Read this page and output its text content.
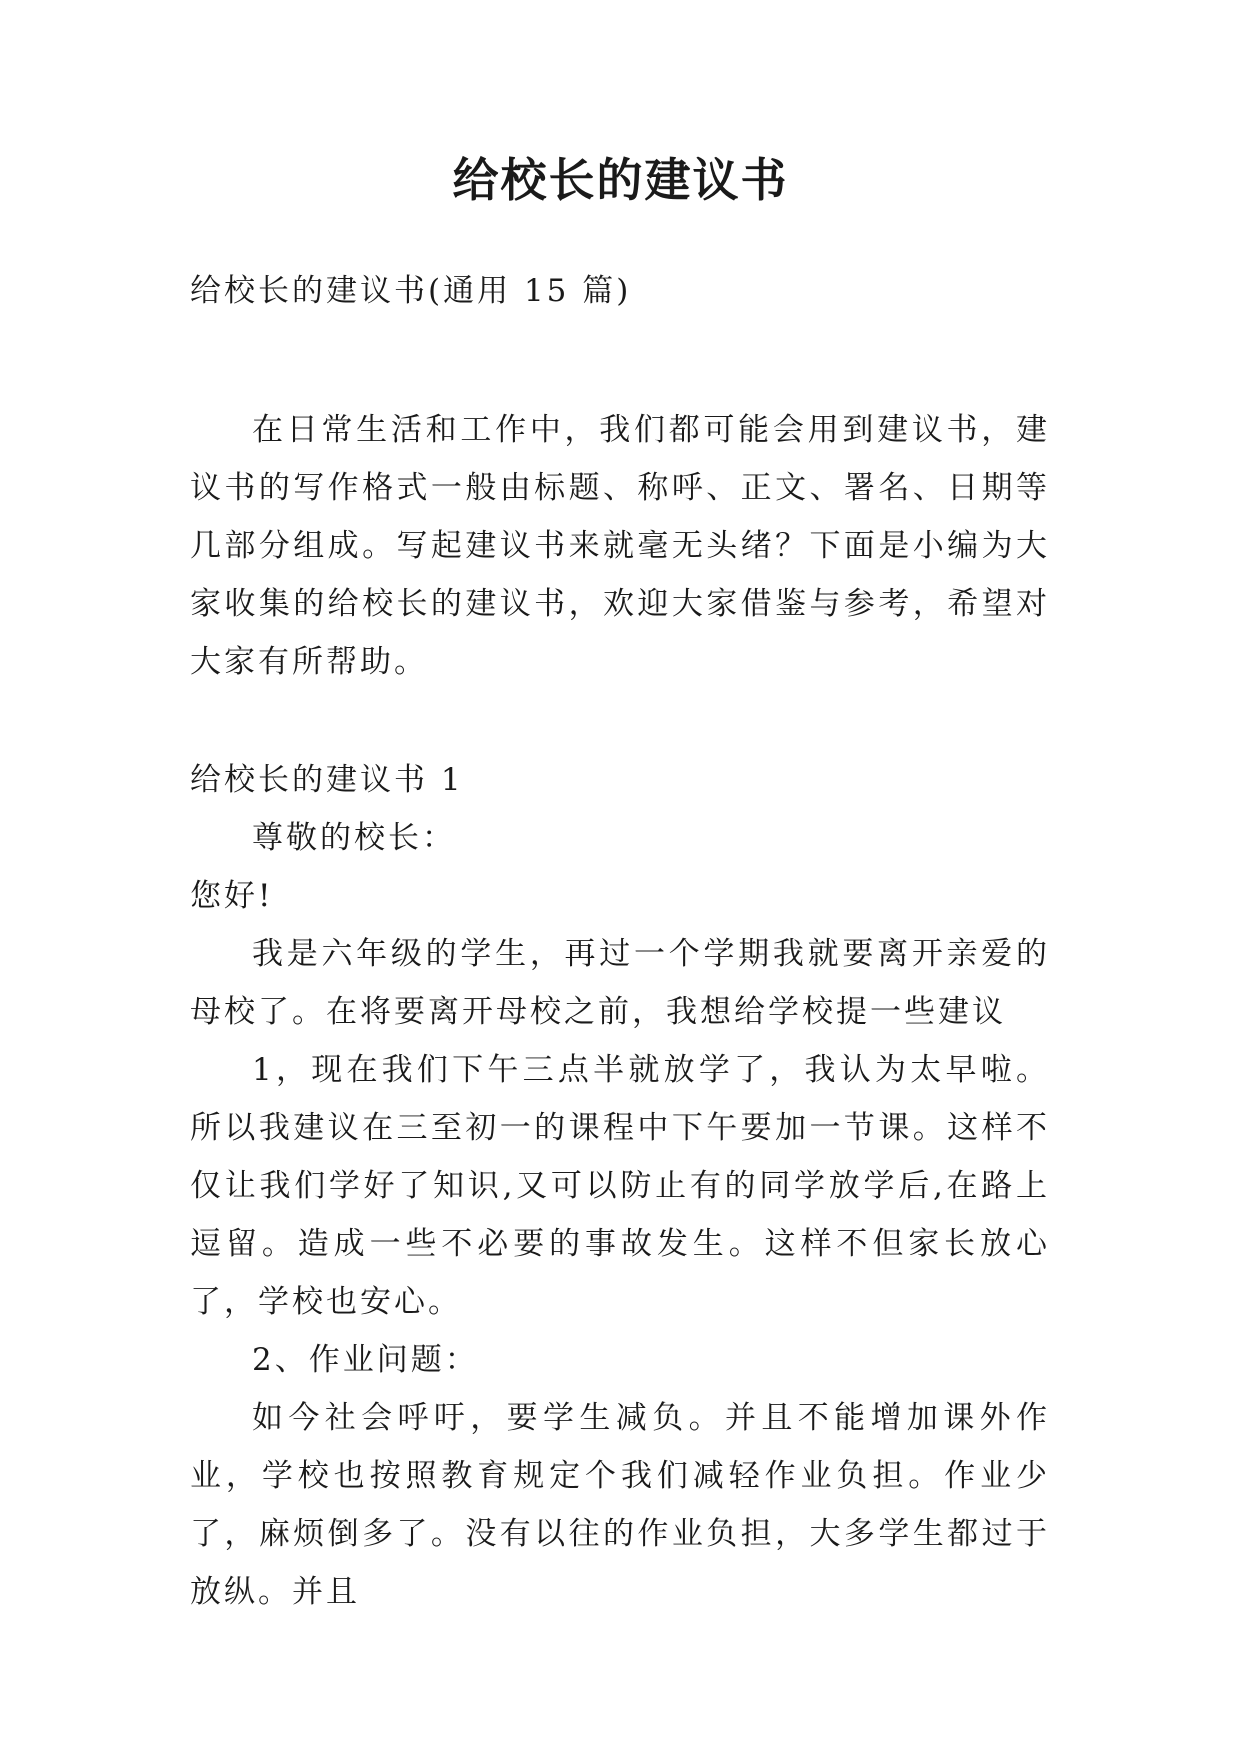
给校长的建议书

给校长的建议书(通用 15 篇)

在日常生活和工作中，我们都可能会用到建议书，建议书的写作格式一般由标题、称呼、正文、署名、日期等几部分组成。写起建议书来就毫无头绪？下面是小编为大家收集的给校长的建议书，欢迎大家借鉴与参考，希望对大家有所帮助。

给校长的建议书 1

尊敬的校长：

您好!

我是六年级的学生，再过一个学期我就要离开亲爱的母校了。在将要离开母校之前，我想给学校提一些建议

1，现在我们下午三点半就放学了，我认为太早啦。所以我建议在三至初一的课程中下午要加一节课。这样不仅让我们学好了知识,又可以防止有的同学放学后,在路上逗留。造成一些不必要的事故发生。这样不但家长放心了，学校也安心。

2、作业问题：

如今社会呼吁，要学生减负。并且不能增加课外作业，学校也按照教育规定个我们减轻作业负担。作业少了，麻烦倒多了。没有以往的作业负担，大多学生都过于放纵。并且
